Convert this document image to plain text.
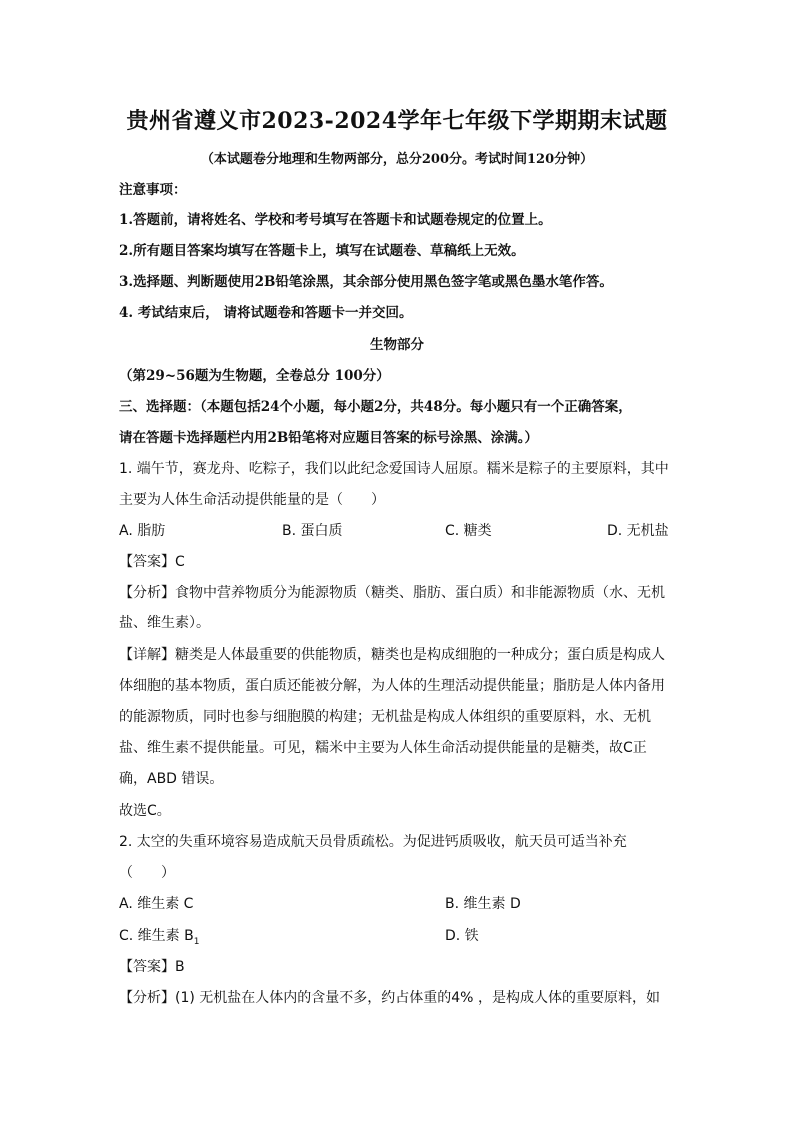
贵州省遵义市2023-2024学年七年级下学期期末试题
（本试题卷分地理和生物两部分，总分200分。考试时间120分钟）
注意事项：
1.答题前，请将姓名、学校和考号填写在答题卡和试题卷规定的位置上。
2.所有题目答案均填写在答题卡上，填写在试题卷、草稿纸上无效。
3.选择题、判断题使用2B铅笔涂黑，其余部分使用黑色签字笔或黑色墨水笔作答。
4. 考试结束后， 请将试题卷和答题卡一并交回。
生物部分
（第29~56题为生物题，全卷总分 100分）
三、选择题：（本题包括24个小题，每小题2分，共48分。每小题只有一个正确答案，
请在答题卡选择题栏内用2B铅笔将对应题目答案的标号涂黑、涂满。）
1. 端午节，赛龙舟、吃粽子，我们以此纪念爱国诗人屈原。糯米是粽子的主要原料，其中
主要为人体生命活动提供能量的是（　　）
A. 脂肪	B. 蛋白质	C. 糖类	D. 无机盐
【答案】C
【分析】食物中营养物质分为能源物质（糖类、脂肪、蛋白质）和非能源物质（水、无机
盐、维生素）。
【详解】糖类是人体最重要的供能物质，糖类也是构成细胞的一种成分；蛋白质是构成人
体细胞的基本物质，蛋白质还能被分解，为人体的生理活动提供能量；脂肪是人体内备用
的能源物质，同时也参与细胞膜的构建；无机盐是构成人体组织的重要原料，水、无机
盐、维生素不提供能量。可见，糯米中主要为人体生命活动提供能量的是糖类，故C正
确，ABD 错误。
故选C。
2. 太空的失重环境容易造成航天员骨质疏松。为促进钙质吸收，航天员可适当补充
（　　）
A. 维生素 C	B. 维生素 D
C. 维生素 $B_1$	D. 铁
【答案】B
【分析】(1) 无机盐在人体内的含量不多，约占体重的4% ，是构成人体的重要原料，如
